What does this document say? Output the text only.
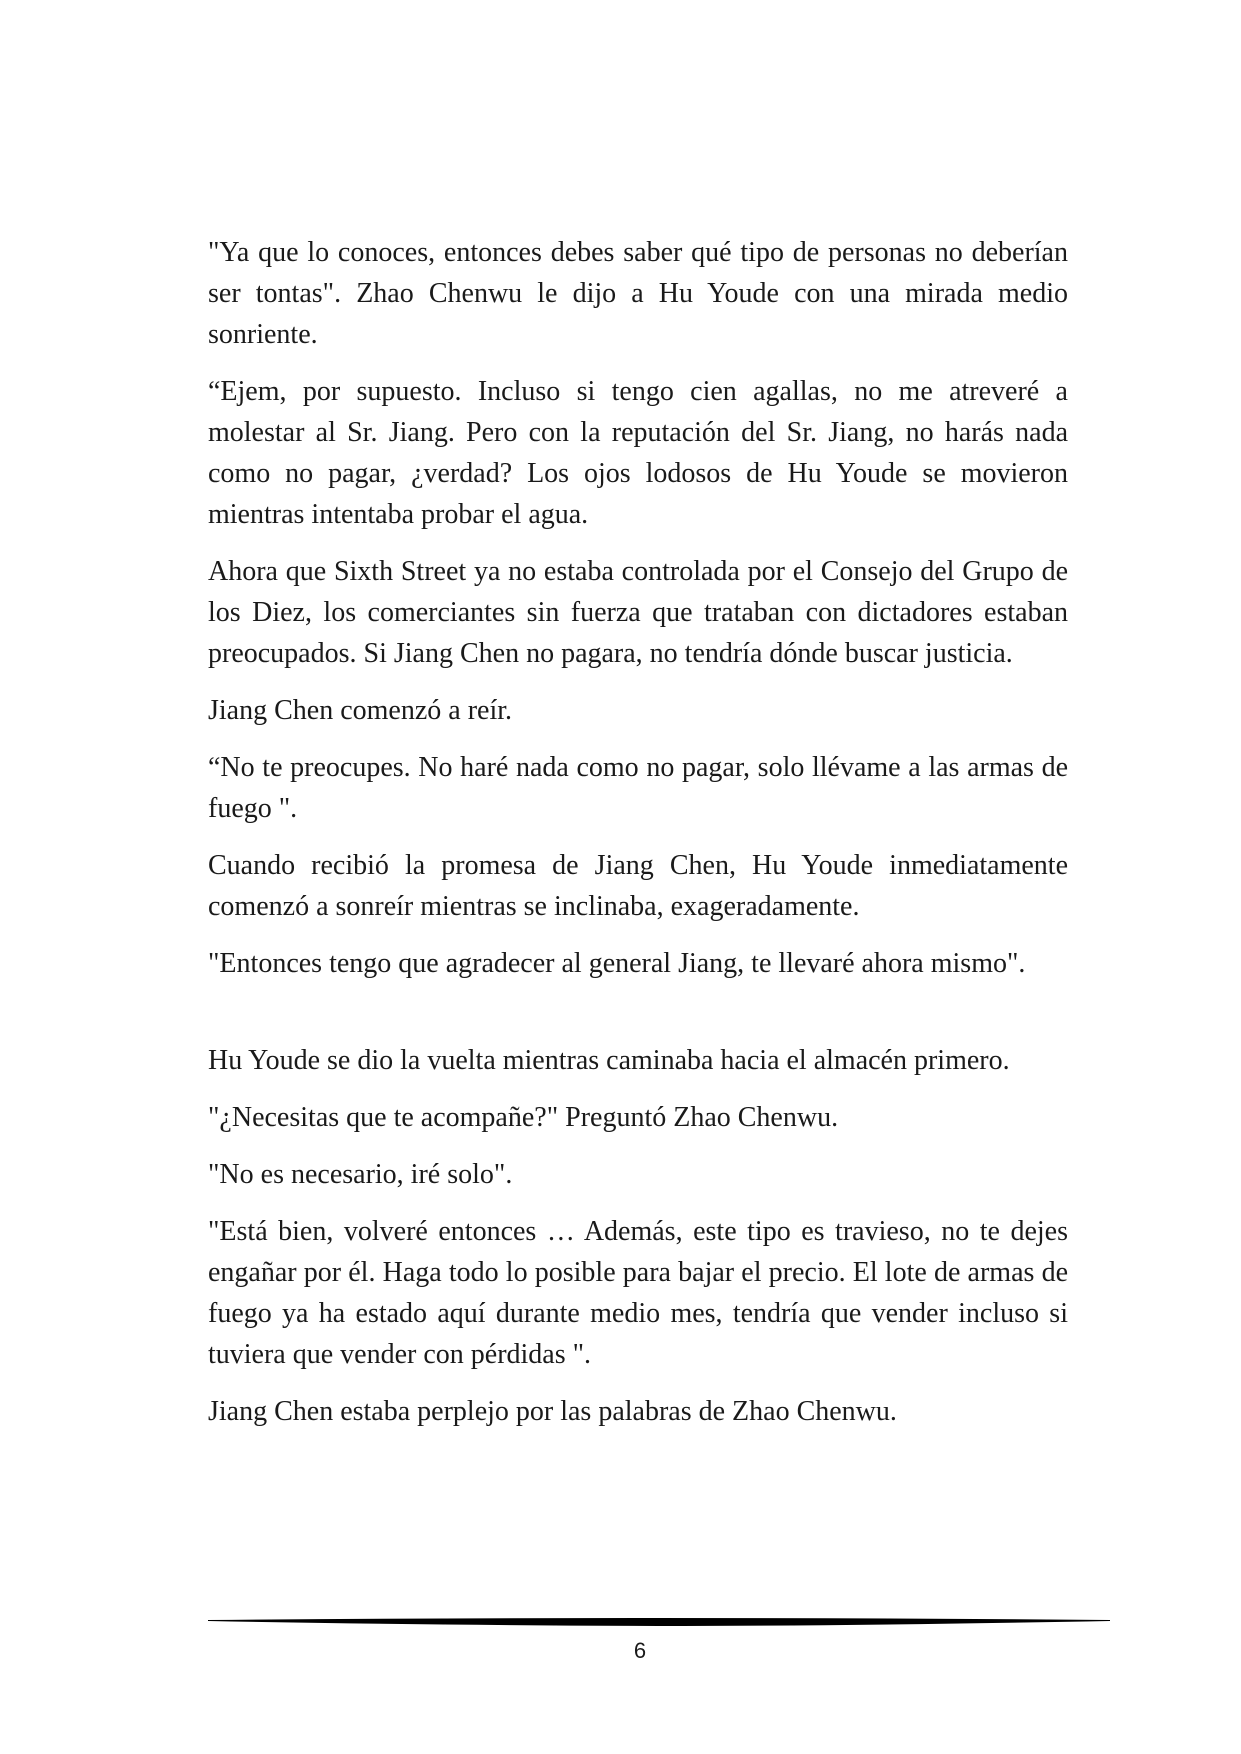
"Ya que lo conoces, entonces debes saber qué tipo de personas no deberían ser tontas". Zhao Chenwu le dijo a Hu Youde con una mirada medio sonriente.

“Ejem, por supuesto. Incluso si tengo cien agallas, no me atreveré a molestar al Sr. Jiang. Pero con la reputación del Sr. Jiang, no harás nada como no pagar, ¿verdad? Los ojos lodosos de Hu Youde se movieron mientras intentaba probar el agua.

Ahora que Sixth Street ya no estaba controlada por el Consejo del Grupo de los Diez, los comerciantes sin fuerza que trataban con dictadores estaban preocupados. Si Jiang Chen no pagara, no tendría dónde buscar justicia.

Jiang Chen comenzó a reír.

“No te preocupes. No haré nada como no pagar, solo llévame a las armas de fuego ".

Cuando recibió la promesa de Jiang Chen, Hu Youde inmediatamente comenzó a sonreír mientras se inclinaba, exageradamente.

"Entonces tengo que agradecer al general Jiang, te llevaré ahora mismo".

Hu Youde se dio la vuelta mientras caminaba hacia el almacén primero.

"¿Necesitas que te acompañe?" Preguntó Zhao Chenwu.

"No es necesario, iré solo".

"Está bien, volveré entonces … Además, este tipo es travieso, no te dejes engañar por él. Haga todo lo posible para bajar el precio. El lote de armas de fuego ya ha estado aquí durante medio mes, tendría que vender incluso si tuviera que vender con pérdidas ".

Jiang Chen estaba perplejo por las palabras de Zhao Chenwu.

6
